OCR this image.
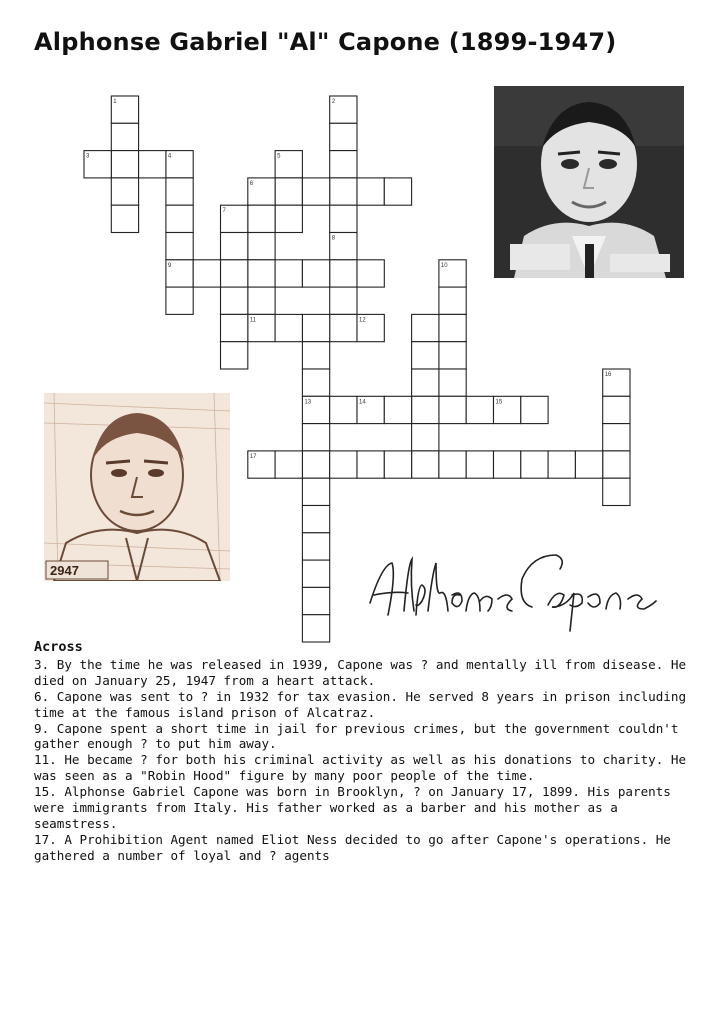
Alphonse Gabriel "Al" Capone (1899-1947)
1	2
3	4	5
6
7
8
9	10
11	12
13	14	15
16
17
2947
Across

3. By the time he was released in 1939, Capone was ? and mentally ill from disease. He died on January 25, 1947 from a heart attack.

6. Capone was sent to ? in 1932 for tax evasion. He served 8 years in prison including time at the famous island prison of Alcatraz.

9. Capone spent a short time in jail for previous crimes, but the government couldn't gather enough ? to put him away.

11. He became ? for both his criminal activity as well as his donations to charity. He was seen as a "Robin Hood" figure by many poor people of the time.

15. Alphonse Gabriel Capone was born in Brooklyn, ? on January 17, 1899. His parents were immigrants from Italy. His father worked as a barber and his mother as a seamstress.

17. A Prohibition Agent named Eliot Ness decided to go after Capone's operations. He gathered a number of loyal and ? agents
